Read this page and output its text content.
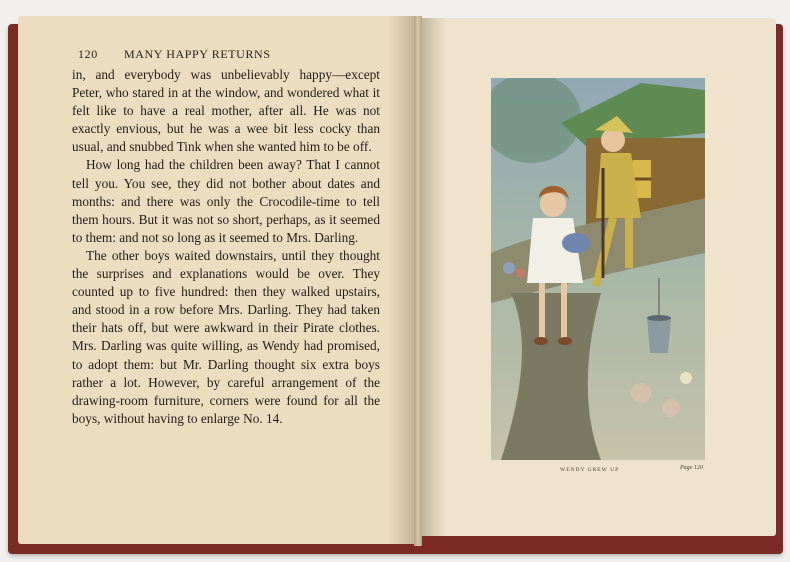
120 MANY HAPPY RETURNS

in, and everybody was unbelievably happy—except Peter, who stared in at the window, and wondered what it felt like to have a real mother, after all. He was not exactly envious, but he was a wee bit less cocky than usual, and snubbed Tink when she wanted him to be off.

How long had the children been away? That I cannot tell you. You see, they did not bother about dates and months: and there was only the Crocodile-time to tell them hours. But it was not so short, perhaps, as it seemed to them: and not so long as it seemed to Mrs. Darling.

The other boys waited downstairs, until they thought the surprises and explanations would be over. They counted up to five hundred: then they walked upstairs, and stood in a row before Mrs. Darling. They had taken their hats off, but were awkward in their Pirate clothes. Mrs. Darling was quite willing, as Wendy had promised, to adopt them: but Mr. Darling thought six extra boys rather a lot. However, by careful arrangement of the drawing-room furniture, corners were found for all the boys, without having to enlarge No. 14.

WENDY GREW UP	Page 120
